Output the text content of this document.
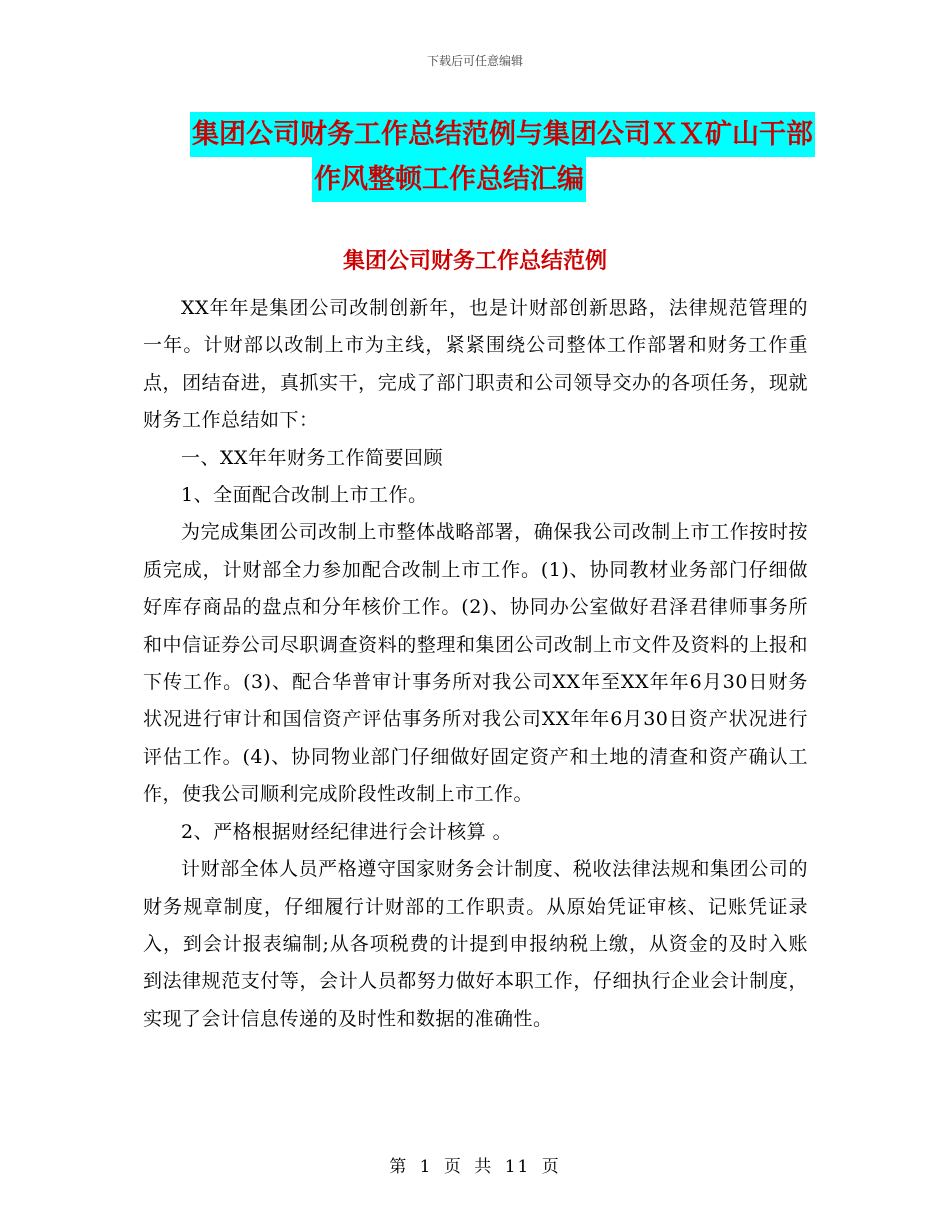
下载后可任意编辑
集团公司财务工作总结范例与集团公司ＸＸ矿山干部
作风整顿工作总结汇编
集团公司财务工作总结范例

XX年年是集团公司改制创新年，也是计财部创新思路，法律规范管理的一年。计财部以改制上市为主线，紧紧围绕公司整体工作部署和财务工作重点，团结奋进，真抓实干，完成了部门职责和公司领导交办的各项任务，现就财务工作总结如下：

一、XX年年财务工作简要回顾

1、全面配合改制上市工作。

为完成集团公司改制上市整体战略部署，确保我公司改制上市工作按时按质完成，计财部全力参加配合改制上市工作。(1)、协同教材业务部门仔细做好库存商品的盘点和分年核价工作。(2)、协同办公室做好君泽君律师事务所和中信证券公司尽职调查资料的整理和集团公司改制上市文件及资料的上报和下传工作。(3)、配合华普审计事务所对我公司XX年至XX年年6月30日财务状况进行审计和国信资产评估事务所对我公司XX年年6月30日资产状况进行评估工作。(4)、协同物业部门仔细做好固定资产和土地的清查和资产确认工作，使我公司顺利完成阶段性改制上市工作。

2、严格根据财经纪律进行会计核算 。

计财部全体人员严格遵守国家财务会计制度、税收法律法规和集团公司的财务规章制度，仔细履行计财部的工作职责。从原始凭证审核、记账凭证录入，到会计报表编制;从各项税费的计提到申报纳税上缴，从资金的及时入账到法律规范支付等，会计人员都努力做好本职工作，仔细执行企业会计制度，实现了会计信息传递的及时性和数据的准确性。

第 1 页 共 11 页
